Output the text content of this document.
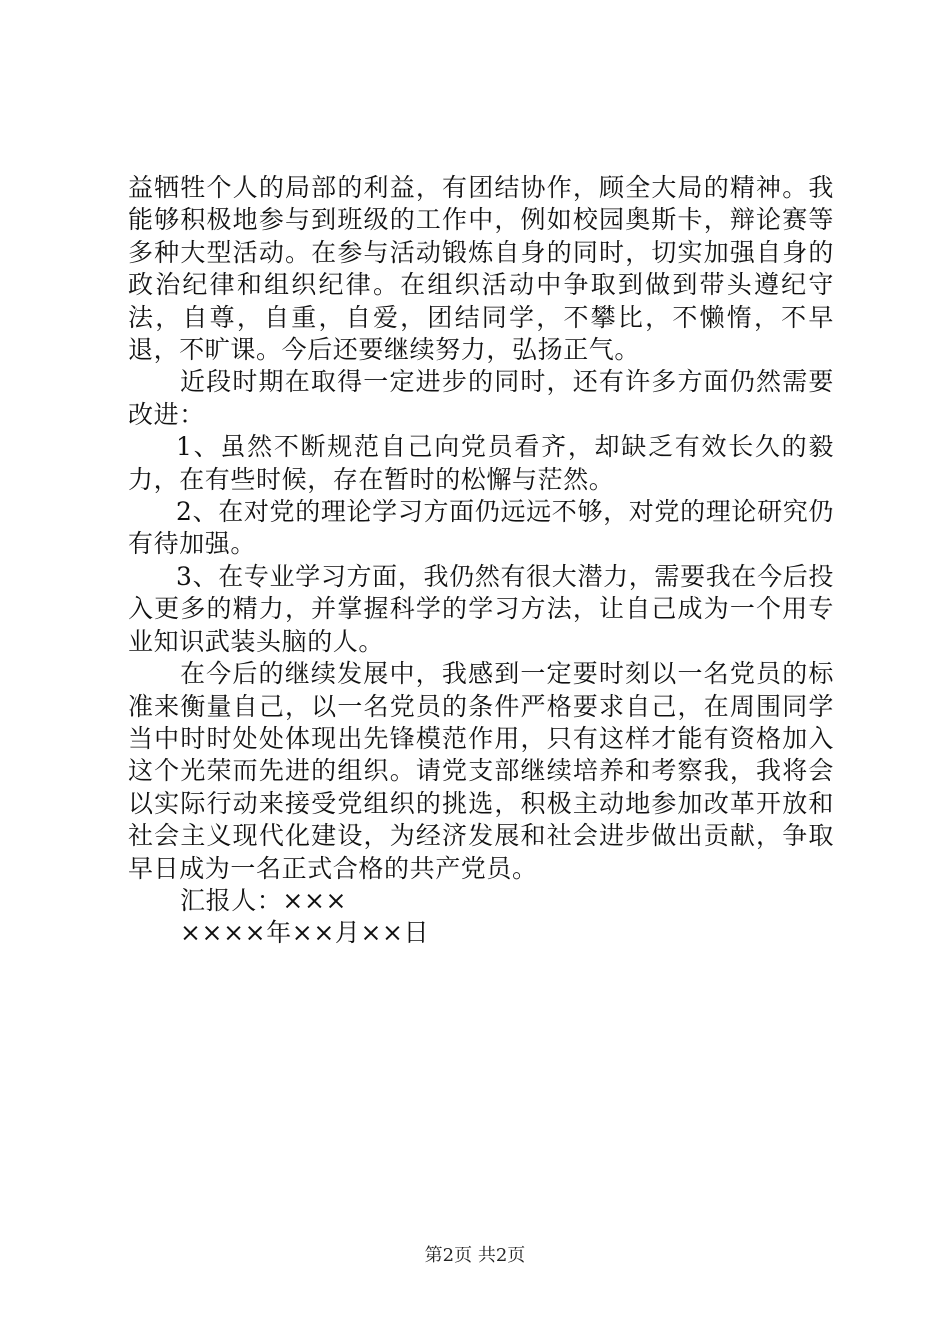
益牺牲个人的局部的利益，有团结协作，顾全大局的精神。我能够积极地参与到班级的工作中，例如校园奥斯卡，辩论赛等多种大型活动。在参与活动锻炼自身的同时，切实加强自身的政治纪律和组织纪律。在组织活动中争取到做到带头遵纪守法，自尊，自重，自爱，团结同学，不攀比，不懒惰，不早退，不旷课。今后还要继续努力，弘扬正气。

近段时期在取得一定进步的同时，还有许多方面仍然需要改进：

1、虽然不断规范自己向党员看齐，却缺乏有效长久的毅力，在有些时候，存在暂时的松懈与茫然。

2、在对党的理论学习方面仍远远不够，对党的理论研究仍有待加强。

3、在专业学习方面，我仍然有很大潜力，需要我在今后投入更多的精力，并掌握科学的学习方法，让自己成为一个用专业知识武装头脑的人。

在今后的继续发展中，我感到一定要时刻以一名党员的标准来衡量自己，以一名党员的条件严格要求自己，在周围同学当中时时处处体现出先锋模范作用，只有这样才能有资格加入这个光荣而先进的组织。请党支部继续培养和考察我，我将会以实际行动来接受党组织的挑选，积极主动地参加改革开放和社会主义现代化建设，为经济发展和社会进步做出贡献，争取早日成为一名正式合格的共产党员。

汇报人：×××

××××年××月××日

第2页 共2页
